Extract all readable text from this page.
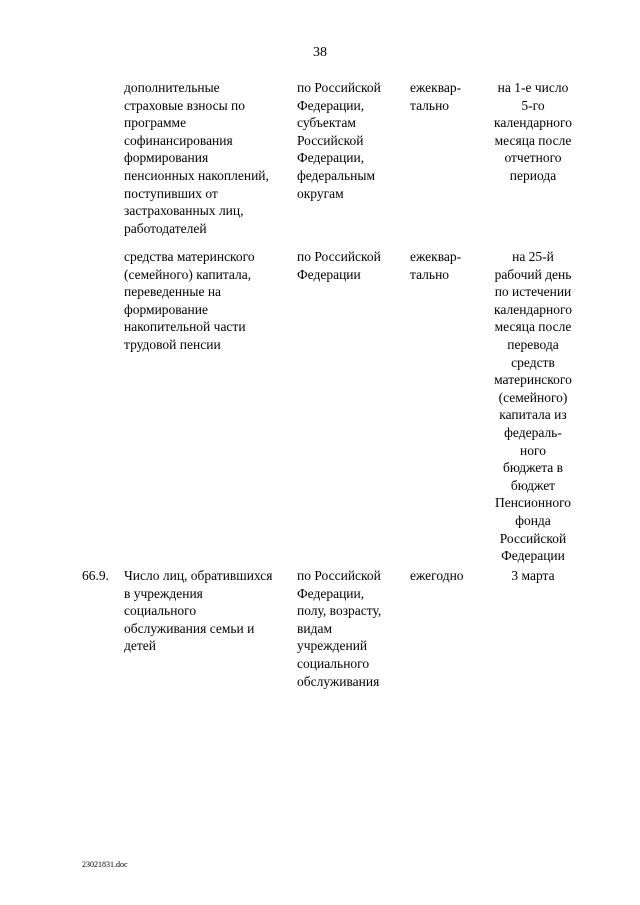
38
дополнительные
страховые взносы по
программе
софинансирования
формирования
пенсионных накоплений,
поступивших от
застрахованных лиц,
работодателей
по Российской
Федерации,
субъектам
Российской
Федерации,
федеральным
округам
ежеквар-
тально
на 1-е число
5-го
календарного
месяца после
отчетного
периода
средства материнского
(семейного) капитала,
переведенные на
формирование
накопительной части
трудовой пенсии
по Российской
Федерации
ежеквар-
тально
на 25-й
рабочий день
по истечении
календарного
месяца после
перевода
средств
материнского
(семейного)
капитала из
федераль-
ного
бюджета в
бюджет
Пенсионного
фонда
Российской
Федерации
66.9.	Число лиц, обратившихся
в учреждения
социального
обслуживания семьи и
детей
по Российской
Федерации,
полу, возрасту,
видам
учреждений
социального
обслуживания
ежегодно	3 марта
23021831.doc
